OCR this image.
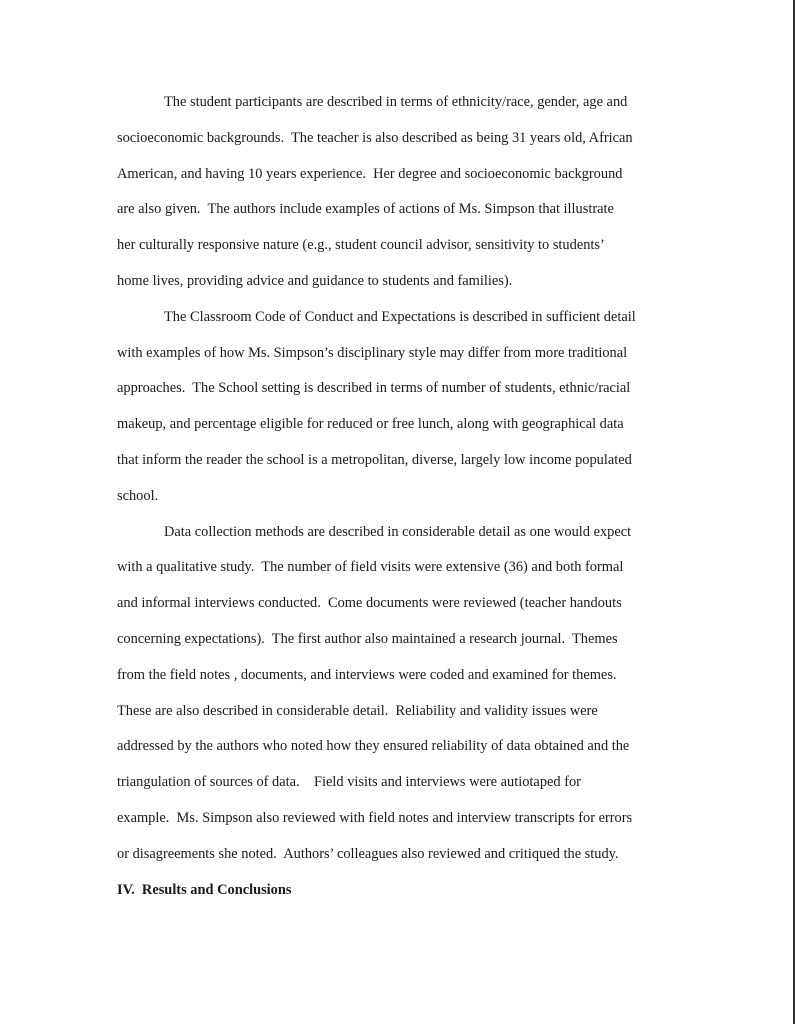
The student participants are described in terms of ethnicity/race, gender, age and
socioeconomic backgrounds.  The teacher is also described as being 31 years old, African
American, and having 10 years experience.  Her degree and socioeconomic background
are also given.  The authors include examples of actions of Ms. Simpson that illustrate
her culturally responsive nature (e.g., student council advisor, sensitivity to students’
home lives, providing advice and guidance to students and families).
The Classroom Code of Conduct and Expectations is described in sufficient detail
with examples of how Ms. Simpson’s disciplinary style may differ from more traditional
approaches.  The School setting is described in terms of number of students, ethnic/racial
makeup, and percentage eligible for reduced or free lunch, along with geographical data
that inform the reader the school is a metropolitan, diverse, largely low income populated
school.
Data collection methods are described in considerable detail as one would expect
with a qualitative study.  The number of field visits were extensive (36) and both formal
and informal interviews conducted.  Come documents were reviewed (teacher handouts
concerning expectations).  The first author also maintained a research journal.  Themes
from the field notes , documents, and interviews were coded and examined for themes.
These are also described in considerable detail.  Reliability and validity issues were
addressed by the authors who noted how they ensured reliability of data obtained and the
triangulation of sources of data.    Field visits and interviews were autiotaped for
example.  Ms. Simpson also reviewed with field notes and interview transcripts for errors
or disagreements she noted.  Authors’ colleagues also reviewed and critiqued the study.
IV.  Results and Conclusions
